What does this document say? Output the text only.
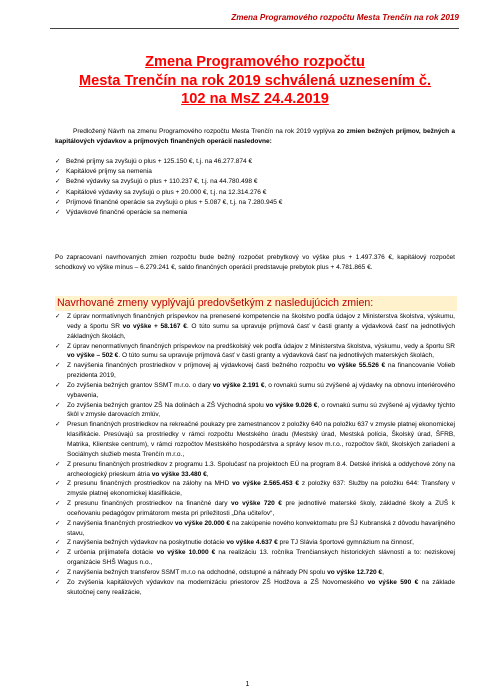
Zmena Programového rozpočtu Mesta Trenčín na rok 2019
Zmena Programového rozpočtu
Mesta Trenčín na rok 2019 schválená uznesením č.
102 na MsZ 24.4.2019
Predložený Návrh na zmenu Programového rozpočtu Mesta Trenčín na rok 2019 vyplýva zo zmien bežných príjmov, bežných a kapitálových výdavkov a príjmových finančných operácií nasledovne:
✓ Bežné príjmy sa zvyšujú o plus + 125.150 €, t.j. na 46.277.874 €
✓ Kapitálové príjmy sa nemenia
✓ Bežné výdavky sa zvyšujú o plus + 110.237 €, t.j. na 44.780.498 €
✓ Kapitálové výdavky sa zvyšujú o plus + 20.000 €, t.j. na 12.314.276 €
✓ Príjmové finančné operácie sa zvyšujú o plus + 5.087 €, t.j. na 7.280.945 €
✓ Výdavkové finančné operácie sa nemenia
Po zapracovaní navrhovaných zmien rozpočtu bude bežný rozpočet prebytkový vo výške plus + 1.497.376 €, kapitálový rozpočet schodkový vo výške mínus – 6.279.241 €, saldo finančných operácií predstavuje prebytok plus + 4.781.865 €.
Navrhované zmeny vyplývajú predovšetkým z nasledujúcich zmien:
✓ Z úprav normatívnych finančných príspevkov na prenesené kompetencie na školstvo podľa údajov z Ministerstva školstva, výskumu, vedy a športu SR vo výške + 58.167 €. O túto sumu sa upravuje príjmová časť v časti granty a výdavková časť na jednotlivých základných školách,
✓ Z úprav nenormatívnych finančných príspevkov na predškolský vek podľa údajov z Ministerstva školstva, výskumu, vedy a športu SR vo výške – 502 €. O túto sumu sa upravuje príjmová časť v časti granty a výdavková časť na jednotlivých materských školách,
✓ Z navýšenia finančných prostriedkov v príjmovej aj výdavkovej časti bežného rozpočtu vo výške 55.526 € na financovanie Volieb prezidenta 2019,
✓ Zo zvýšenia bežných grantov SSMT m.r.o. o dary vo výške 2.191 €, o rovnakú sumu sú zvýšené aj výdavky na obnovu interiérového vybavenia,
✓ Zo zvýšenia bežných grantov ZŠ Na dolinách a ZŠ Východná spolu vo výške 9.026 €, o rovnakú sumu sú zvýšené aj výdavky týchto škôl v zmysle darovacích zmlúv,
✓ Presun finančných prostriedkov na rekreačné poukazy pre zamestnancov z položky 640 na položku 637 v zmysle platnej ekonomickej klasifikácie. Presúvajú sa prostriedky v rámci rozpočtu Mestského úradu (Mestský úrad, Mestská polícia, Školský úrad, ŠFRB, Matrika, Klientske centrum), v rámci rozpočtov Mestského hospodárstva a správy lesov m.r.o., rozpočtov škôl, školských zariadení a Sociálnych služieb mesta Trenčín m.r.o.,
✓ Z presunu finančných prostriedkov z programu 1.3. Spolučasť na projektoch EÚ na program 8.4. Detské ihriská a oddychové zóny na archeologický prieskum átria vo výške 33.480 €,
✓ Z presunu finančných prostriedkov na zálohy na MHD vo výške 2.565.453 € z položky 637: Služby na položku 644: Transfery v zmysle platnej ekonomickej klasifikácie,
✓ Z presunu finančných prostriedkov na finančné dary vo výške 720 € pre jednotlivé materské školy, základné školy a ZUŠ k oceňovaniu pedagógov primátorom mesta pri príležitosti „Dňa učiteľov“,
✓ Z navýšenia finančných prostriedkov vo výške 20.000 € na zakúpenie nového konvektomatu pre ŠJ Kubranská z dôvodu havarijného stavu,
✓ Z navýšenia bežných výdavkov na poskytnutie dotácie vo výške 4.637 € pre TJ Slávia športové gymnázium na činnosť,
✓ Z určenia prijímateľa dotácie vo výške 10.000 € na realizáciu 13. ročníka Trenčianskych historických slávností a to: neziskovej organizácie SHŠ Wagus n.o.,
✓ Z navýšenia bežných transferov SSMT m.r.o na odchodné, odstupné a náhrady PN spolu vo výške 12.720 €,
✓ Zo zvýšenia kapitálových výdavkov na modernizáciu priestorov ZŠ Hodžova a ZŠ Novomeského vo výške 590 € na základe skutočnej ceny realizácie,
1
